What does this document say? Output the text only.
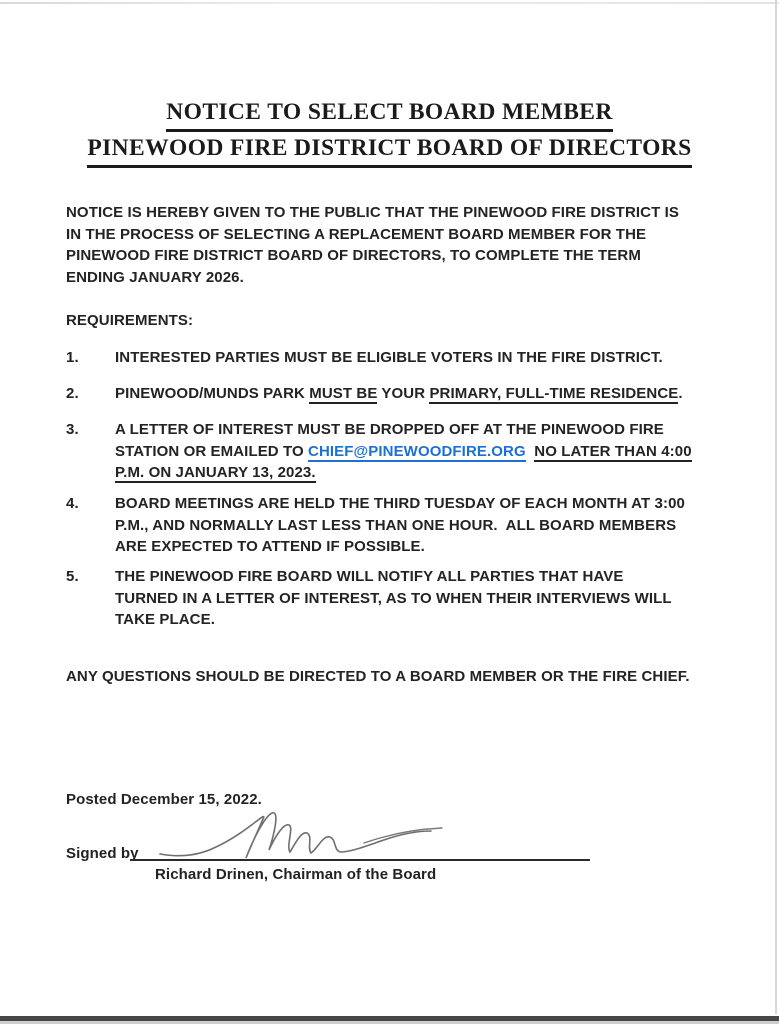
NOTICE TO SELECT BOARD MEMBER
PINEWOOD FIRE DISTRICT BOARD OF DIRECTORS
NOTICE IS HEREBY GIVEN TO THE PUBLIC THAT THE PINEWOOD FIRE DISTRICT IS
IN THE PROCESS OF SELECTING A REPLACEMENT BOARD MEMBER FOR THE
PINEWOOD FIRE DISTRICT BOARD OF DIRECTORS, TO COMPLETE THE TERM
ENDING JANUARY 2026.
REQUIREMENTS:
1. INTERESTED PARTIES MUST BE ELIGIBLE VOTERS IN THE FIRE DISTRICT.
2. PINEWOOD/MUNDS PARK MUST BE YOUR PRIMARY, FULL-TIME RESIDENCE.
3. A LETTER OF INTEREST MUST BE DROPPED OFF AT THE PINEWOOD FIRE
STATION OR EMAILED TO CHIEF@PINEWOODFIRE.ORG NO LATER THAN 4:00
P.M. ON JANUARY 13, 2023.
4. BOARD MEETINGS ARE HELD THE THIRD TUESDAY OF EACH MONTH AT 3:00
P.M., AND NORMALLY LAST LESS THAN ONE HOUR.  ALL BOARD MEMBERS
ARE EXPECTED TO ATTEND IF POSSIBLE.
5. THE PINEWOOD FIRE BOARD WILL NOTIFY ALL PARTIES THAT HAVE
TURNED IN A LETTER OF INTEREST, AS TO WHEN THEIR INTERVIEWS WILL
TAKE PLACE.
ANY QUESTIONS SHOULD BE DIRECTED TO A BOARD MEMBER OR THE FIRE CHIEF.
Posted December 15, 2022.
Signed by
Richard Drinen, Chairman of the Board
